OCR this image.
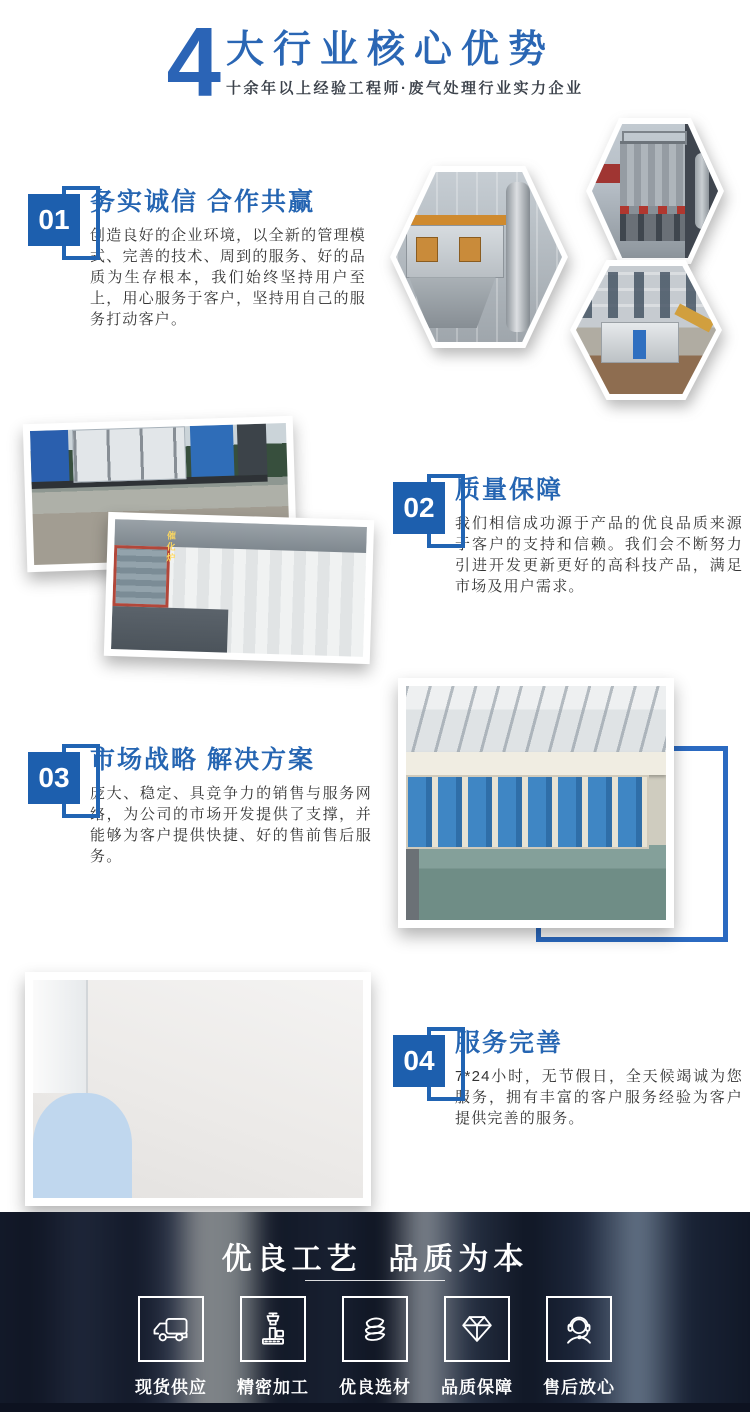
4 大行业核心优势
十余年以上经验工程师·废气处理行业实力企业
01
务实诚信 合作共赢
创造良好的企业环境，以全新的管理模式、完善的技术、周到的服务、好的品质为生存根本，我们始终坚持用户至上，用心服务于客户，坚持用自己的服务打动客户。
催化炉
02
质量保障
我们相信成功源于产品的优良品质来源于客户的支持和信赖。我们会不断努力引进开发更新更好的高科技产品，满足市场及用户需求。
03
市场战略 解决方案
庞大、稳定、具竞争力的销售与服务网络，为公司的市场开发提供了支撑，并能够为客户提供快捷、好的售前售后服务。
04
服务完善
7*24小时，无节假日，全天候竭诚为您服务，拥有丰富的客户服务经验为客户提供完善的服务。
优良工艺  品质为本
现货供应	精密加工	优良选材	品质保障	售后放心
